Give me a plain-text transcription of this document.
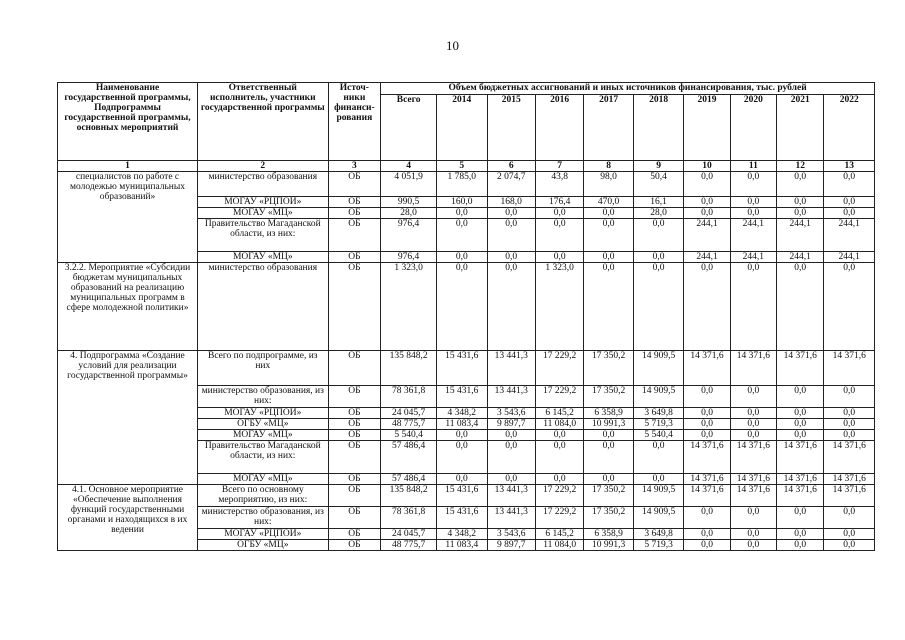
10
Наименование государственной программы, Подпрограммы государственной программы, основных мероприятий	Ответственный исполнитель, участники государственной программы	Источ-ники финанси-рования	Объем бюджетных ассигнований и иных источников финансирования, тыс. рублей									
			Всего	2014	2015	2016	2017	2018	2019	2020	2021	2022
1	2	3	4	5	6	7	8	9	10	11	12	13
специалистов по работе с молодежью муниципальных образований»	министерство образования	ОБ	4 051,9	1 785,0	2 074,7	43,8	98,0	50,4	0,0	0,0	0,0	0,0
	МОГАУ «РЦПОИ»	ОБ	990,5	160,0	168,0	176,4	470,0	16,1	0,0	0,0	0,0	0,0
	МОГАУ «МЦ»	ОБ	28,0	0,0	0,0	0,0	0,0	28,0	0,0	0,0	0,0	0,0
	Правительство Магаданской области, из них:	ОБ	976,4	0,0	0,0	0,0	0,0	0,0	244,1	244,1	244,1	244,1
	МОГАУ «МЦ»	ОБ	976,4	0,0	0,0	0,0	0,0	0,0	244,1	244,1	244,1	244,1
3.2.2. Мероприятие «Субсидии бюджетам муниципальных образований на реализацию муниципальных программ в сфере молодежной политики»	министерство образования	ОБ	1 323,0	0,0	0,0	1 323,0	0,0	0,0	0,0	0,0	0,0	0,0
4. Подпрограмма «Создание условий для реализации государственной программы»	Всего по подпрограмме, из них	ОБ	135 848,2	15 431,6	13 441,3	17 229,2	17 350,2	14 909,5	14 371,6	14 371,6	14 371,6	14 371,6
	министерство образования, из них:	ОБ	78 361,8	15 431,6	13 441,3	17 229,2	17 350,2	14 909,5	0,0	0,0	0,0	0,0
	МОГАУ «РЦПОИ»	ОБ	24 045,7	4 348,2	3 543,6	6 145,2	6 358,9	3 649,8	0,0	0,0	0,0	0,0
	ОГБУ «МЦ»	ОБ	48 775,7	11 083,4	9 897,7	11 084,0	10 991,3	5 719,3	0,0	0,0	0,0	0,0
	МОГАУ «МЦ»	ОБ	5 540,4	0,0	0,0	0,0	0,0	5 540,4	0,0	0,0	0,0	0,0
	Правительство Магаданской области, из них:	ОБ	57 486,4	0,0	0,0	0,0	0,0	0,0	14 371,6	14 371,6	14 371,6	14 371,6
	МОГАУ «МЦ»	ОБ	57 486,4	0,0	0,0	0,0	0,0	0,0	14 371,6	14 371,6	14 371,6	14 371,6
4.1. Основное мероприятие «Обеспечение выполнения функций государственными органами и находящихся в их ведении	Всего по основному мероприятию, из них:	ОБ	135 848,2	15 431,6	13 441,3	17 229,2	17 350,2	14 909,5	14 371,6	14 371,6	14 371,6	14 371,6
	министерство образования, из них:	ОБ	78 361,8	15 431,6	13 441,3	17 229,2	17 350,2	14 909,5	0,0	0,0	0,0	0,0
	МОГАУ «РЦПОИ»	ОБ	24 045,7	4 348,2	3 543,6	6 145,2	6 358,9	3 649,8	0,0	0,0	0,0	0,0
	ОГБУ «МЦ»	ОБ	48 775,7	11 083,4	9 897,7	11 084,0	10 991,3	5 719,3	0,0	0,0	0,0	0,0
